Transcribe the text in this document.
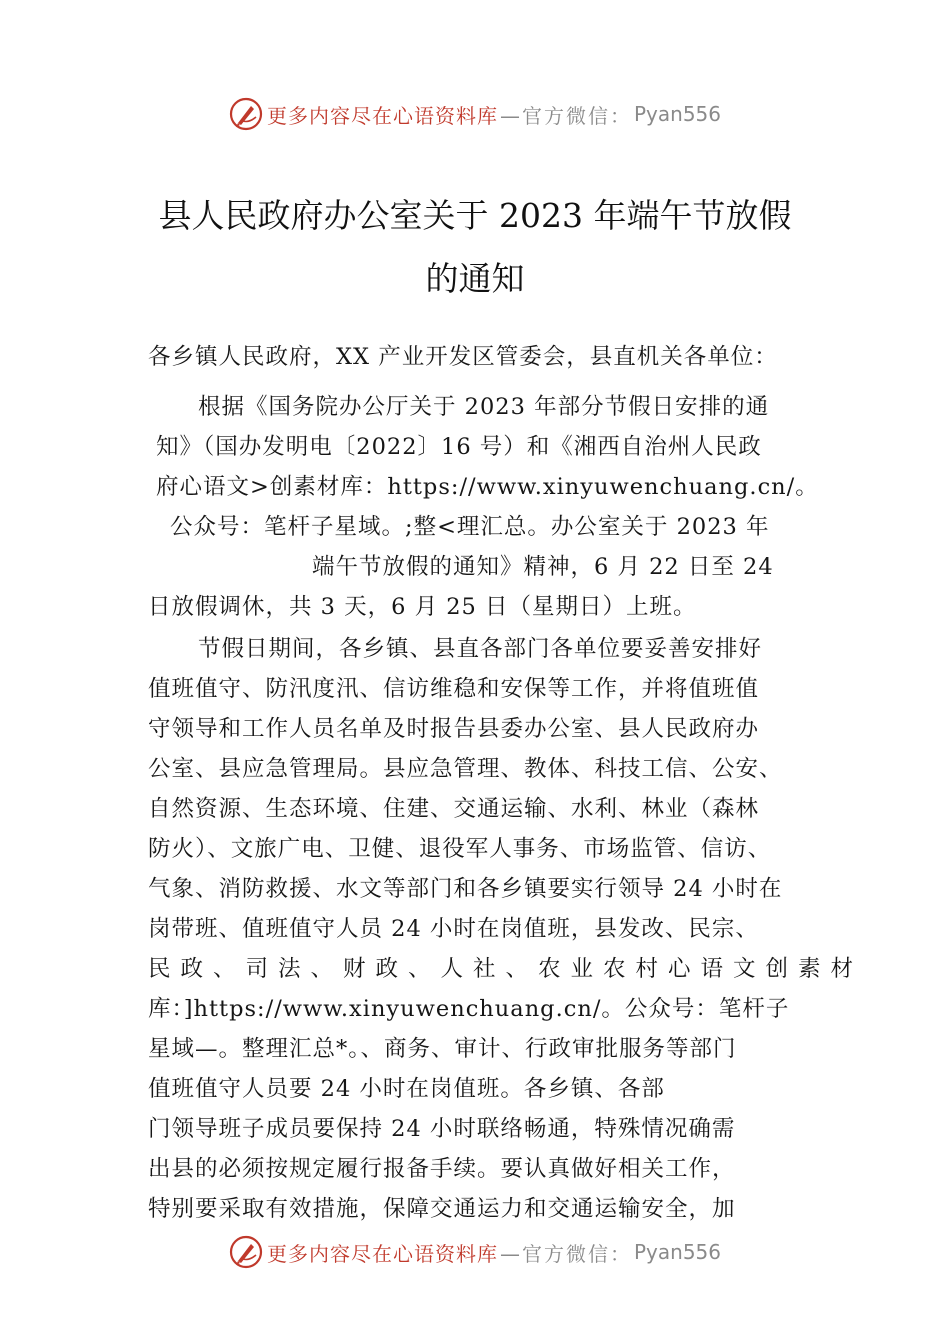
更多内容尽在心语资料库 —官方微信： Pyan556
县人民政府办公室关于 2023 年端午节放假
的通知
各乡镇人民政府，XX 产业开发区管委会，县直机关各单位：
根据《国务院办公厅关于 2023 年部分节假日安排的通
知》（国办发明电〔2022〕16 号）和《湘西自治州人民政
府心语文>创素材库：https://www.xinyuwenchuang.cn/。
公众号：笔杆子星域。;整<理汇总。办公室关于 2023 年
端午节放假的通知》精神，6 月 22 日至 24
日放假调休，共 3 天，6 月 25 日（星期日）上班。
节假日期间，各乡镇、县直各部门各单位要妥善安排好
值班值守、防汛度汛、信访维稳和安保等工作，并将值班值
守领导和工作人员名单及时报告县委办公室、县人民政府办
公室、县应急管理局。县应急管理、教体、科技工信、公安、
自然资源、生态环境、住建、交通运输、水利、林业（森林
防火）、文旅广电、卫健、退役军人事务、市场监管、信访、
气象、消防救援、水文等部门和各乡镇要实行领导 24 小时在
岗带班、值班值守人员 24 小时在岗值班，县发改、民宗、
民政、司法、财政、人社、农业农村心语文创素材
库：]https://www.xinyuwenchuang.cn/。公众号：笔杆子
星域—。整理汇总*。、商务、审计、行政审批服务等部门
值班值守人员要 24 小时在岗值班。各乡镇、各部
门领导班子成员要保持 24 小时联络畅通，特殊情况确需
出县的必须按规定履行报备手续。要认真做好相关工作，
特别要采取有效措施，保障交通运力和交通运输安全，加
更多内容尽在心语资料库 —官方微信： Pyan556
